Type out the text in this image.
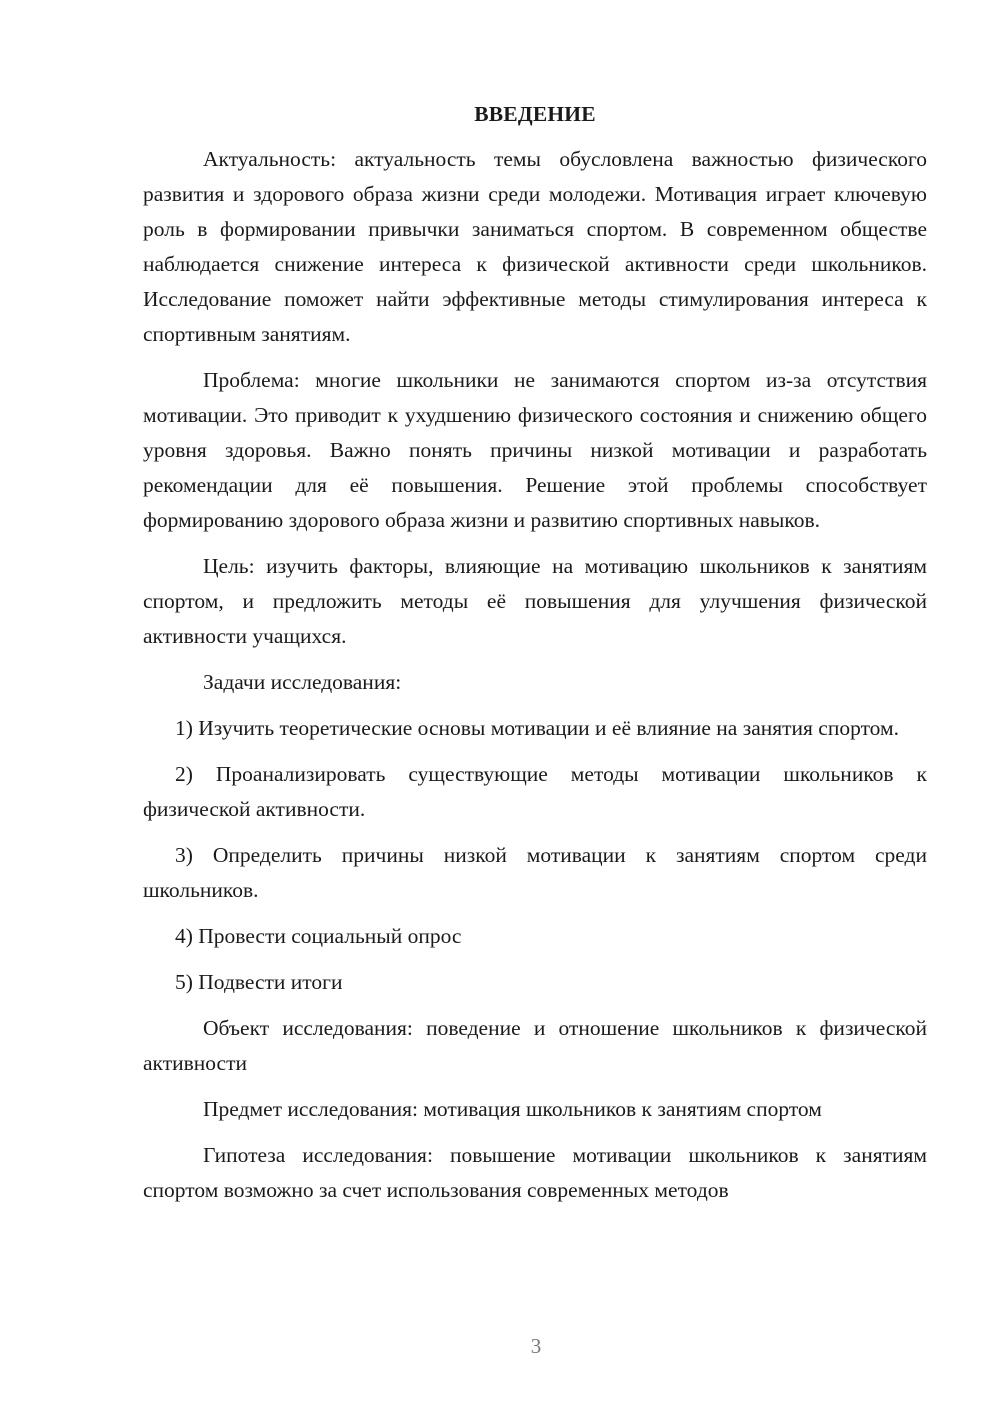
ВВЕДЕНИЕ

Актуальность: актуальность темы обусловлена важностью физического развития и здорового образа жизни среди молодежи. Мотивация играет ключевую роль в формировании привычки заниматься спортом. В современном обществе наблюдается снижение интереса к физической активности среди школьников. Исследование поможет найти эффективные методы стимулирования интереса к спортивным занятиям.

Проблема: многие школьники не занимаются спортом из-за отсутствия мотивации. Это приводит к ухудшению физического состояния и снижению общего уровня здоровья. Важно понять причины низкой мотивации и разработать рекомендации для её повышения. Решение этой проблемы способствует формированию здорового образа жизни и развитию спортивных навыков.

Цель: изучить факторы, влияющие на мотивацию школьников к занятиям спортом, и предложить методы её повышения для улучшения физической активности учащихся.

Задачи исследования:

1) Изучить теоретические основы мотивации и её влияние на занятия спортом.

2) Проанализировать существующие методы мотивации школьников к физической активности.

3) Определить причины низкой мотивации к занятиям спортом среди школьников.

4) Провести социальный опрос

5) Подвести итоги

Объект исследования: поведение и отношение школьников к физической активности

Предмет исследования: мотивация школьников к занятиям спортом

Гипотеза исследования: повышение мотивации школьников к занятиям спортом возможно за счет использования современных методов

3
